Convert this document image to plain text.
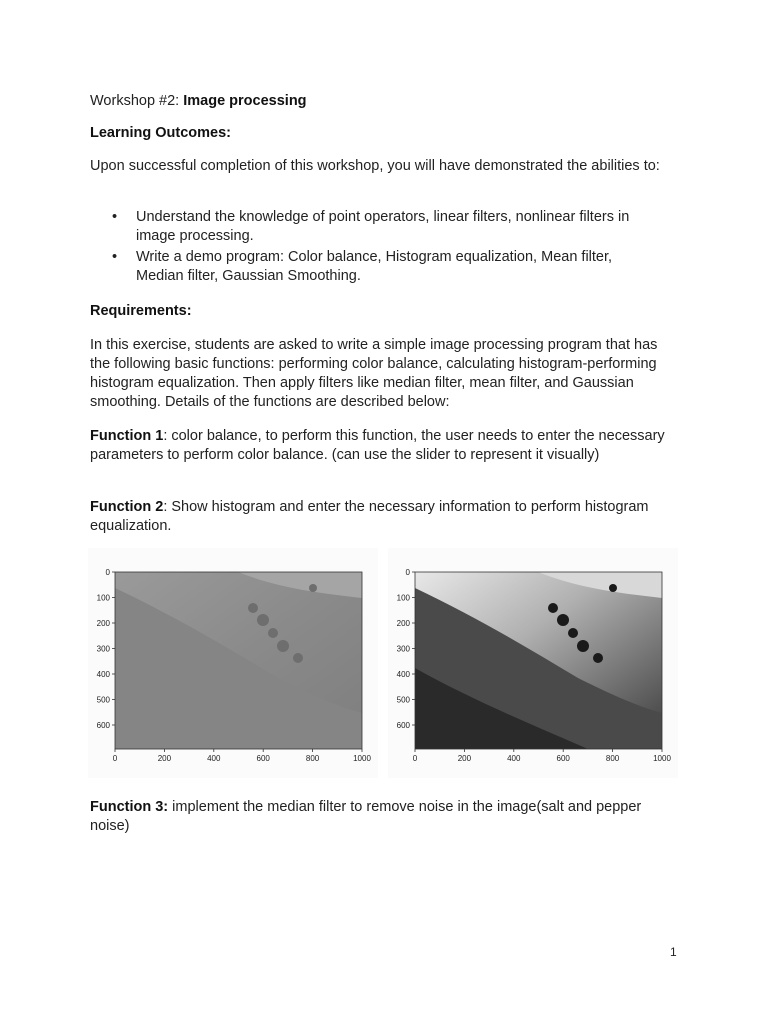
Workshop #2: Image processing

Learning Outcomes:

Upon successful completion of this workshop, you will have demonstrated the abilities to:

• Understand the knowledge of point operators, linear filters, nonlinear filters in image processing.
• Write a demo program: Color balance, Histogram equalization, Mean filter, Median filter, Gaussian Smoothing.

Requirements:

In this exercise, students are asked to write a simple image processing program that has the following basic functions: performing color balance, calculating histogram-performing histogram equalization. Then apply filters like median filter, mean filter, and Gaussian smoothing. Details of the functions are described below:

Function 1: color balance, to perform this function, the user needs to enter the necessary parameters to perform color balance. (can use the slider to represent it visually)

Function 2: Show histogram and enter the necessary information to perform histogram equalization.

0	200	400	600	800	1000
0
100
200
300
400
500
600
0	200	400	600	800	1000
0
100
200
300
400
500
600

Function 3: implement the median filter to remove noise in the image(salt and pepper noise)

1
